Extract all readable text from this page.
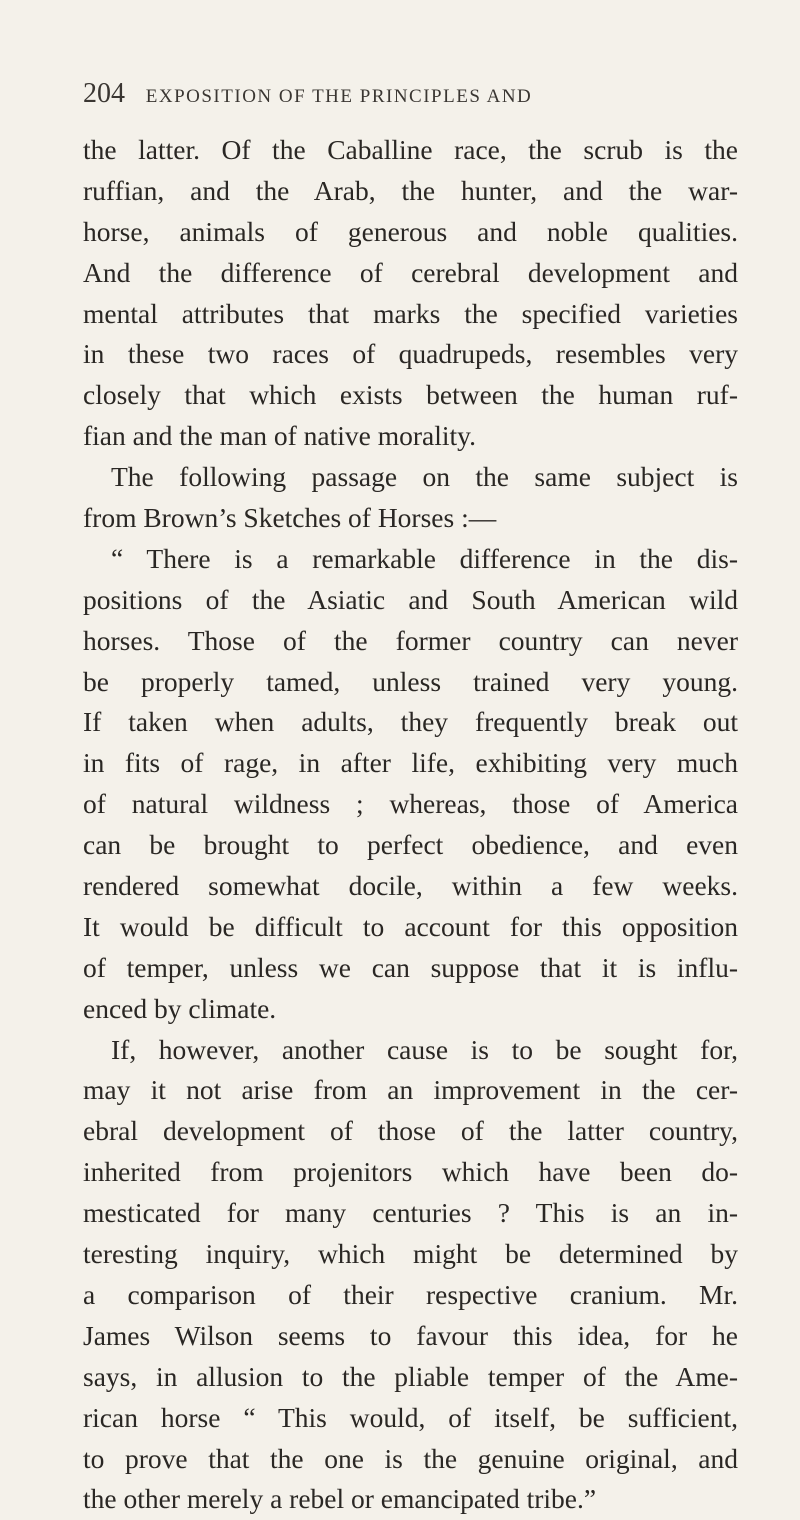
204 EXPOSITION OF THE PRINCIPLES AND
the latter. Of the Caballine race, the scrub is the
ruffian, and the Arab, the hunter, and the war-
horse, animals of generous and noble qualities.
And the difference of cerebral development and
mental attributes that marks the specified varieties
in these two races of quadrupeds, resembles very
closely that which exists between the human ruf-
fian and the man of native morality.
The following passage on the same subject is
from Brown’s Sketches of Horses :—
“ There is a remarkable difference in the dis-
positions of the Asiatic and South American wild
horses. Those of the former country can never
be properly tamed, unless trained very young.
If taken when adults, they frequently break out
in fits of rage, in after life, exhibiting very much
of natural wildness ; whereas, those of America
can be brought to perfect obedience, and even
rendered somewhat docile, within a few weeks.
It would be difficult to account for this opposition
of temper, unless we can suppose that it is influ-
enced by climate.
If, however, another cause is to be sought for,
may it not arise from an improvement in the cer-
ebral development of those of the latter country,
inherited from projenitors which have been do-
mesticated for many centuries ? This is an in-
teresting inquiry, which might be determined by
a comparison of their respective cranium. Mr.
James Wilson seems to favour this idea, for he
says, in allusion to the pliable temper of the Ame-
rican horse “ This would, of itself, be sufficient,
to prove that the one is the genuine original, and
the other merely a rebel or emancipated tribe.”
